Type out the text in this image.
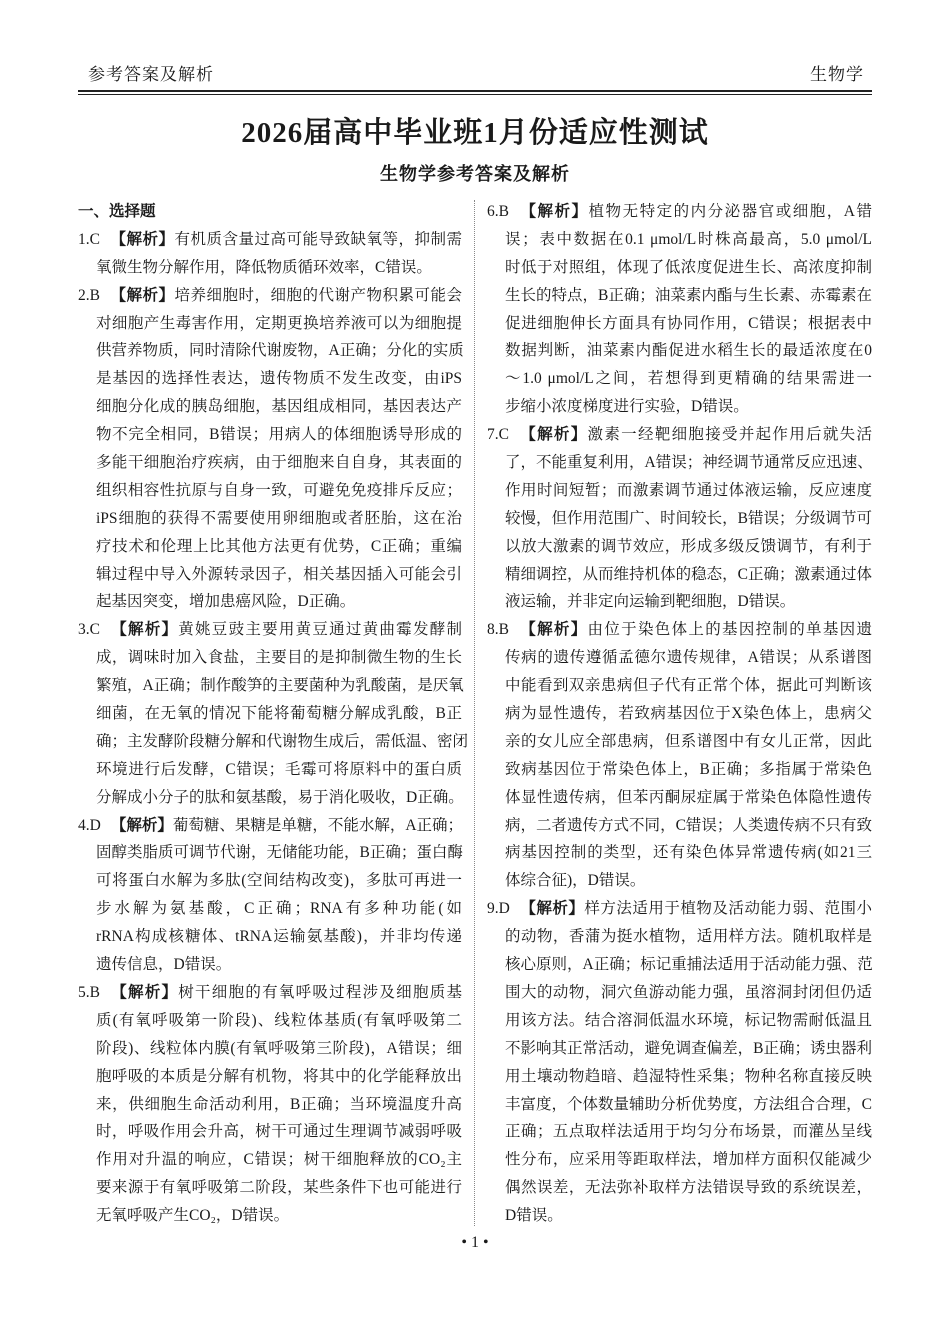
参考答案及解析	生物学
2026届高中毕业班1月份适应性测试
生物学参考答案及解析
一、选择题
1.C 【解析】有机质含量过高可能导致缺氧等，抑制需
氧微生物分解作用，降低物质循环效率，C错误。
2.B 【解析】培养细胞时，细胞的代谢产物积累可能会
对细胞产生毒害作用，定期更换培养液可以为细胞提
供营养物质，同时清除代谢废物，A正确；分化的实质
是基因的选择性表达，遗传物质不发生改变，由iPS
细胞分化成的胰岛细胞，基因组成相同，基因表达产
物不完全相同，B错误；用病人的体细胞诱导形成的
多能干细胞治疗疾病，由于细胞来自自身，其表面的
组织相容性抗原与自身一致，可避免免疫排斥反应；
iPS细胞的获得不需要使用卵细胞或者胚胎，这在治
疗技术和伦理上比其他方法更有优势，C正确；重编
辑过程中导入外源转录因子，相关基因插入可能会引
起基因突变，增加患癌风险，D正确。
3.C 【解析】黄姚豆豉主要用黄豆通过黄曲霉发酵制
成，调味时加入食盐，主要目的是抑制微生物的生长
繁殖，A正确；制作酸笋的主要菌种为乳酸菌，是厌氧
细菌，在无氧的情况下能将葡萄糖分解成乳酸，B正
确；主发酵阶段糖分解和代谢物生成后，需低温、密闭
环境进行后发酵，C错误；毛霉可将原料中的蛋白质
分解成小分子的肽和氨基酸，易于消化吸收，D正确。
4.D 【解析】葡萄糖、果糖是单糖，不能水解，A正确；
固醇类脂质可调节代谢，无储能功能，B正确；蛋白酶
可将蛋白水解为多肽(空间结构改变)，多肽可再进一
步水解为氨基酸，C正确；RNA有多种功能(如
rRNA构成核糖体、tRNA运输氨基酸)，并非均传递
遗传信息，D错误。
5.B 【解析】树干细胞的有氧呼吸过程涉及细胞质基
质(有氧呼吸第一阶段)、线粒体基质(有氧呼吸第二
阶段)、线粒体内膜(有氧呼吸第三阶段)，A错误；细
胞呼吸的本质是分解有机物，将其中的化学能释放出
来，供细胞生命活动利用，B正确；当环境温度升高
时，呼吸作用会升高，树干可通过生理调节减弱呼吸
作用对升温的响应，C错误；树干细胞释放的CO₂主
要来源于有氧呼吸第二阶段，某些条件下也可能进行
无氧呼吸产生CO₂，D错误。
6.B 【解析】植物无特定的内分泌器官或细胞，A错
误；表中数据在0.1 μmol/L时株高最高，5.0 μmol/L
时低于对照组，体现了低浓度促进生长、高浓度抑制
生长的特点，B正确；油菜素内酯与生长素、赤霉素在
促进细胞伸长方面具有协同作用，C错误；根据表中
数据判断，油菜素内酯促进水稻生长的最适浓度在0
～1.0 μmol/L之间，若想得到更精确的结果需进一
步缩小浓度梯度进行实验，D错误。
7.C 【解析】激素一经靶细胞接受并起作用后就失活
了，不能重复利用，A错误；神经调节通常反应迅速、
作用时间短暂；而激素调节通过体液运输，反应速度
较慢，但作用范围广、时间较长，B错误；分级调节可
以放大激素的调节效应，形成多级反馈调节，有利于
精细调控，从而维持机体的稳态，C正确；激素通过体
液运输，并非定向运输到靶细胞，D错误。
8.B 【解析】由位于染色体上的基因控制的单基因遗
传病的遗传遵循孟德尔遗传规律，A错误；从系谱图
中能看到双亲患病但子代有正常个体，据此可判断该
病为显性遗传，若致病基因位于X染色体上，患病父
亲的女儿应全部患病，但系谱图中有女儿正常，因此
致病基因位于常染色体上，B正确；多指属于常染色
体显性遗传病，但苯丙酮尿症属于常染色体隐性遗传
病，二者遗传方式不同，C错误；人类遗传病不只有致
病基因控制的类型，还有染色体异常遗传病(如21三
体综合征)，D错误。
9.D 【解析】样方法适用于植物及活动能力弱、范围小
的动物，香蒲为挺水植物，适用样方法。随机取样是
核心原则，A正确；标记重捕法适用于活动能力强、范
围大的动物，洞穴鱼游动能力强，虽溶洞封闭但仍适
用该方法。结合溶洞低温水环境，标记物需耐低温且
不影响其正常活动，避免调查偏差，B正确；诱虫器利
用土壤动物趋暗、趋湿特性采集；物种名称直接反映
丰富度，个体数量辅助分析优势度，方法组合合理，C
正确；五点取样法适用于均匀分布场景，而灌丛呈线
性分布，应采用等距取样法，增加样方面积仅能减少
偶然误差，无法弥补取样方法错误导致的系统误差，
D错误。
• 1 •
